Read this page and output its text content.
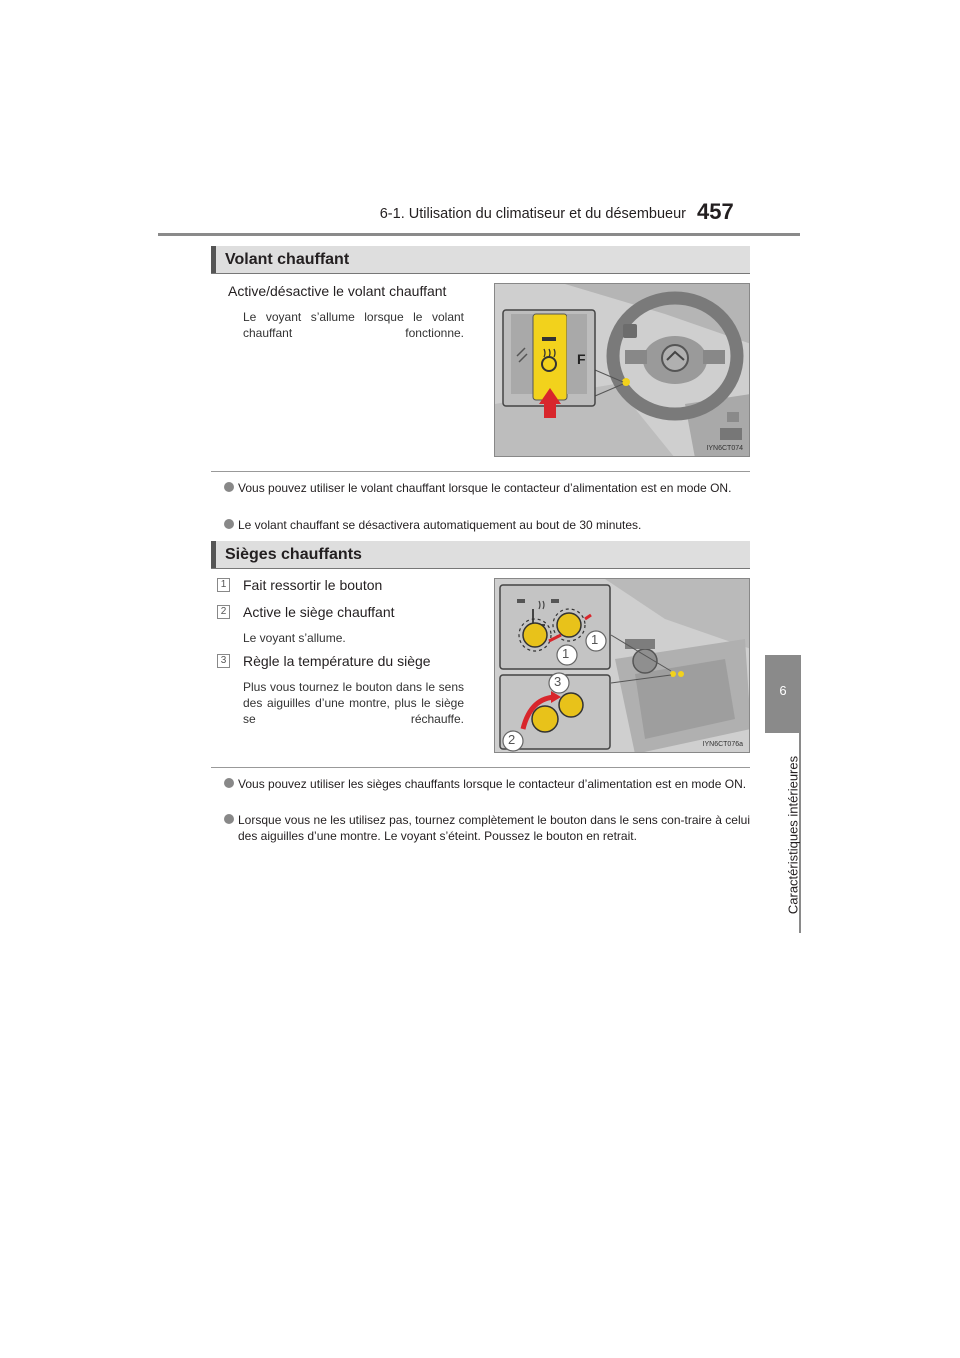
6-1. Utilisation du climatiseur et du désembueur 457
6
Caractéristiques intérieures
Volant chauffant
Active/désactive le volant chauffant
Le voyant s’allume lorsque le volant chauffant fonctionne.
F
IYN6CT074
Vous pouvez utiliser le volant chauffant lorsque le contacteur d’alimentation est en mode ON.
Le volant chauffant se désactivera automatiquement au bout de 30 minutes.
Sièges chauffants
1 Fait ressortir le bouton
2 Active le siège chauffant
Le voyant s’allume.
3 Règle la température du siège
Plus vous tournez le bouton dans le sens des aiguilles d’une montre, plus le siège se réchauffe.
1
1
3
2	IYN6CT076a
Vous pouvez utiliser les sièges chauffants lorsque le contacteur d’alimentation est en mode ON.
Lorsque vous ne les utilisez pas, tournez complètement le bouton dans le sens con-traire à celui des aiguilles d’une montre. Le voyant s’éteint. Poussez le bouton en retrait.
